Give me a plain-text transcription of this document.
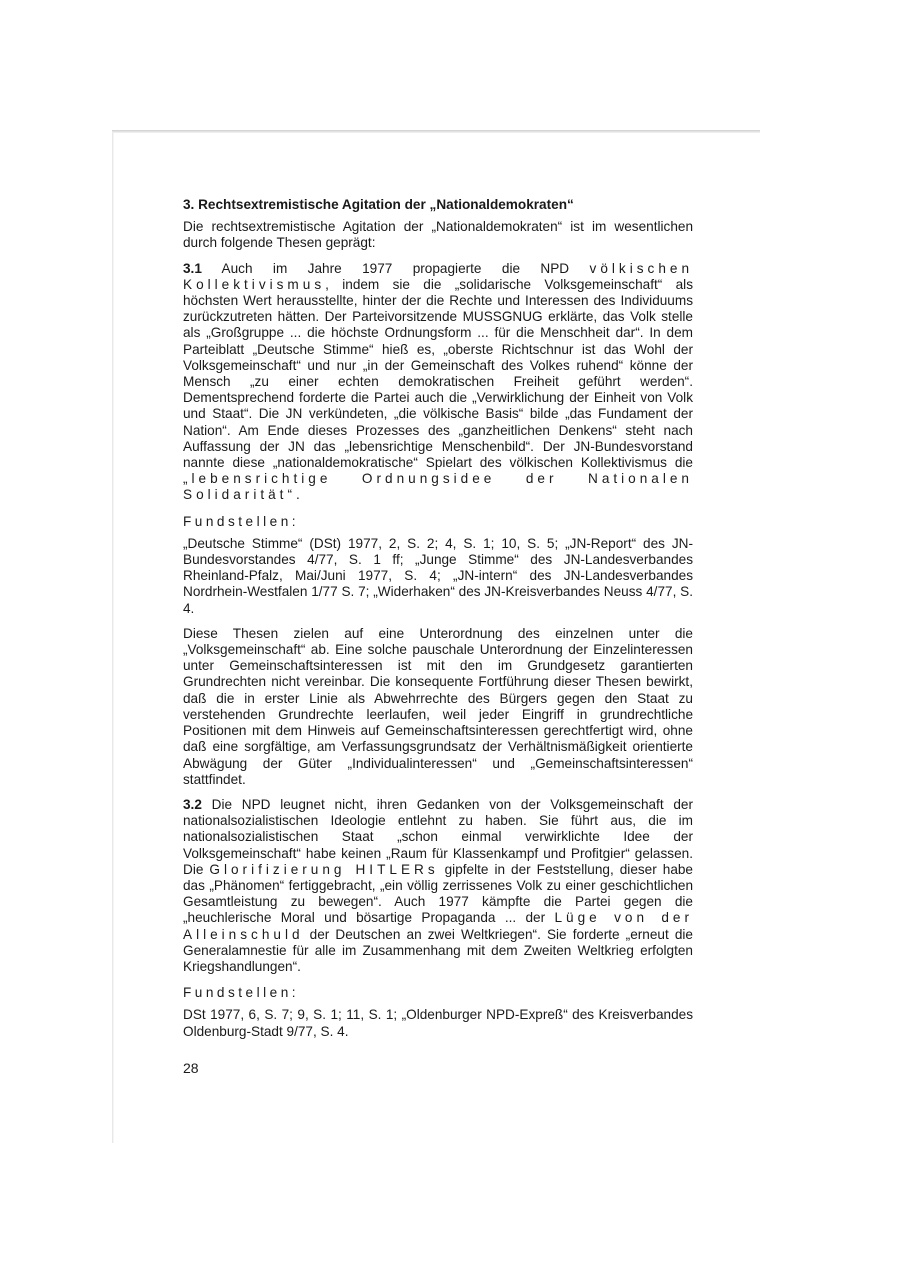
3. Rechtsextremistische Agitation der „Nationaldemokraten“

Die rechtsextremistische Agitation der „Nationaldemokraten“ ist im wesentlichen durch folgende Thesen geprägt:

3.1 Auch im Jahre 1977 propagierte die NPD völkischen Kollektivismus, indem sie die „solidarische Volksgemeinschaft“ als höchsten Wert herausstellte, hinter der die Rechte und Interessen des Individuums zurückzutreten hätten. Der Parteivorsitzende MUSSGNUG erklärte, das Volk stelle als „Großgruppe ... die höchste Ordnungsform ... für die Menschheit dar“. In dem Parteiblatt „Deutsche Stimme“ hieß es, „oberste Richtschnur ist das Wohl der Volksgemeinschaft“ und nur „in der Gemeinschaft des Volkes ruhend“ könne der Mensch „zu einer echten demokratischen Freiheit geführt werden“. Dementsprechend forderte die Partei auch die „Verwirklichung der Einheit von Volk und Staat“. Die JN verkündeten, „die völkische Basis“ bilde „das Fundament der Nation“. Am Ende dieses Prozesses des „ganzheitlichen Denkens“ steht nach Auffassung der JN das „lebensrichtige Menschenbild“. Der JN-Bundesvorstand nannte diese „nationaldemokratische“ Spielart des völkischen Kollektivismus die „lebensrichtige Ordnungsidee der Nationalen Solidarität“.

Fundstellen:

„Deutsche Stimme“ (DSt) 1977, 2, S. 2; 4, S. 1; 10, S. 5; „JN-Report“ des JN-Bundesvorstandes 4/77, S. 1 ff; „Junge Stimme“ des JN-Landesverbandes Rheinland-Pfalz, Mai/Juni 1977, S. 4; „JN-intern“ des JN-Landesverbandes Nordrhein-Westfalen 1/77 S. 7; „Widerhaken“ des JN-Kreisverbandes Neuss 4/77, S. 4.

Diese Thesen zielen auf eine Unterordnung des einzelnen unter die „Volksgemeinschaft“ ab. Eine solche pauschale Unterordnung der Einzelinteressen unter Gemeinschaftsinteressen ist mit den im Grundgesetz garantierten Grundrechten nicht vereinbar. Die konsequente Fortführung dieser Thesen bewirkt, daß die in erster Linie als Abwehrrechte des Bürgers gegen den Staat zu verstehenden Grundrechte leerlaufen, weil jeder Eingriff in grundrechtliche Positionen mit dem Hinweis auf Gemeinschaftsinteressen gerechtfertigt wird, ohne daß eine sorgfältige, am Verfassungsgrundsatz der Verhältnismäßigkeit orientierte Abwägung der Güter „Individualinteressen“ und „Gemeinschaftsinteressen“ stattfindet.

3.2 Die NPD leugnet nicht, ihren Gedanken von der Volksgemeinschaft der nationalsozialistischen Ideologie entlehnt zu haben. Sie führt aus, die im nationalsozialistischen Staat „schon einmal verwirklichte Idee der Volksgemeinschaft“ habe keinen „Raum für Klassenkampf und Profitgier“ gelassen. Die Glorifizierung HITLERs gipfelte in der Feststellung, dieser habe das „Phänomen“ fertiggebracht, „ein völlig zerrissenes Volk zu einer geschichtlichen Gesamtleistung zu bewegen“. Auch 1977 kämpfte die Partei gegen die „heuchlerische Moral und bösartige Propaganda ... der Lüge von der Alleinschuld der Deutschen an zwei Weltkriegen“. Sie forderte „erneut die Generalamnestie für alle im Zusammenhang mit dem Zweiten Weltkrieg erfolgten Kriegshandlungen“.

Fundstellen:

DSt 1977, 6, S. 7; 9, S. 1; 11, S. 1; „Oldenburger NPD-Expreß“ des Kreisverbandes Oldenburg-Stadt 9/77, S. 4.

28
